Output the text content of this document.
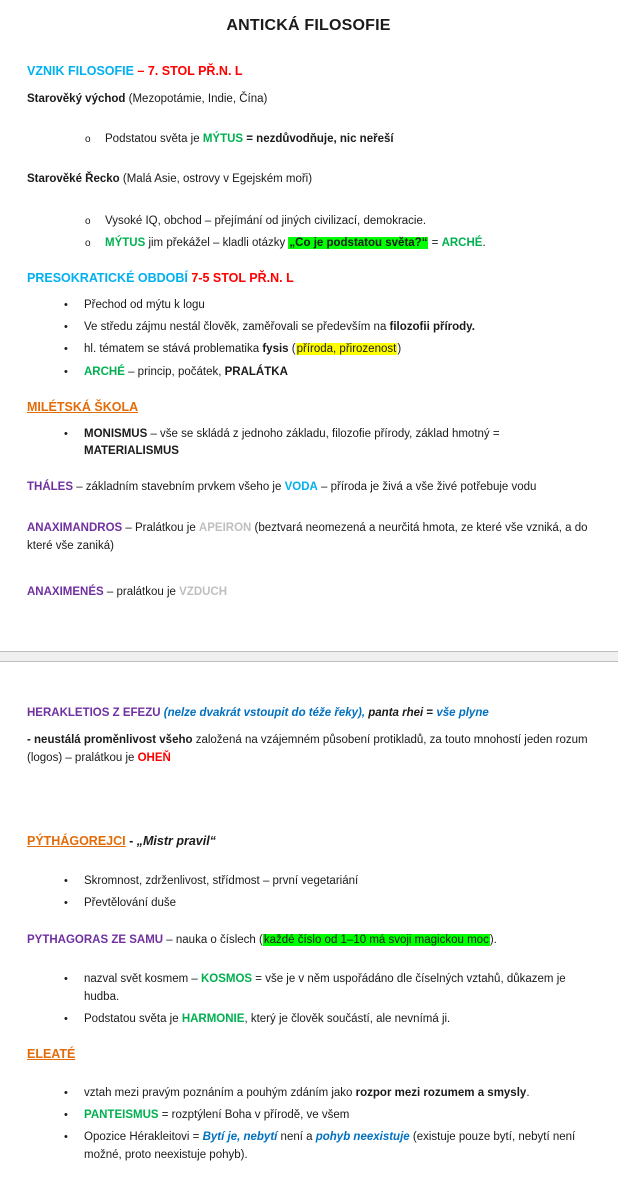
ANTICKÁ FILOSOFIE
VZNIK FILOSOFIE – 7. STOL PŘ.N. L
Starověký východ (Mezopotámie, Indie, Čína)
o Podstatou světa je MÝTUS = nezdůvodňuje, nic neřeší
Starověké Řecko (Malá Asie, ostrovy v Egejském moři)
o Vysoké IQ, obchod – přejímání od jiných civilizací, demokracie.
o MÝTUS jim překážel – kladli otázky „Co je podstatou světa?“ = ARCHÉ.
PRESOKRATICKÉ OBDOBÍ 7-5 STOL PŘ.N. L
• Přechod od mýtu k logu
• Ve středu zájmu nestál člověk, zaměřovali se především na filozofii přírody.
• hl. tématem se stává problematika fysis (příroda, přirozenost)
• ARCHÉ – princip, počátek, PRALÁTKA
MILÉTSKÁ ŠKOLA
• MONISMUS – vše se skládá z jednoho základu, filozofie přírody, základ hmotný = MATERIALISMUS
THÁLES – základním stavebním prvkem všeho je VODA – příroda je živá a vše živé potřebuje vodu
ANAXIMANDROS – Pralátkou je APEIRON (beztvará neomezená a neurčitá hmota, ze které vše vzniká, a do které vše zaniká)
ANAXIMENÉS – pralátkou je VZDUCH
HERAKLETIOS Z EFEZU (nelze dvakrát vstoupit do téže řeky), panta rhei = vše plyne
- neustálá proměnlivost všeho založená na vzájemném působení protikladů, za touto mnohostí jeden rozum (logos) – pralátkou je OHEŇ
PÝTHÁGOREJCI - „Mistr pravil“
• Skromnost, zdrženlivost, střídmost – první vegetariání
• Převtělování duše
PYTHAGORAS ZE SAMU – nauka o číslech (každé číslo od 1–10 má svoji magickou moc).
• nazval svět kosmem – KOSMOS = vše je v něm uspořádáno dle číselných vztahů, důkazem je hudba.
• Podstatou světa je HARMONIE, který je člověk součástí, ale nevnímá ji.
ELEATÉ
• vztah mezi pravým poznáním a pouhým zdáním jako rozpor mezi rozumem a smysly.
• PANTEISMUS = rozptýlení Boha v přírodě, ve všem
• Opozice Hérakleitovi = Bytí je, nebytí není a pohyb neexistuje (existuje pouze bytí, nebytí není možné, proto neexistuje pohyb).
